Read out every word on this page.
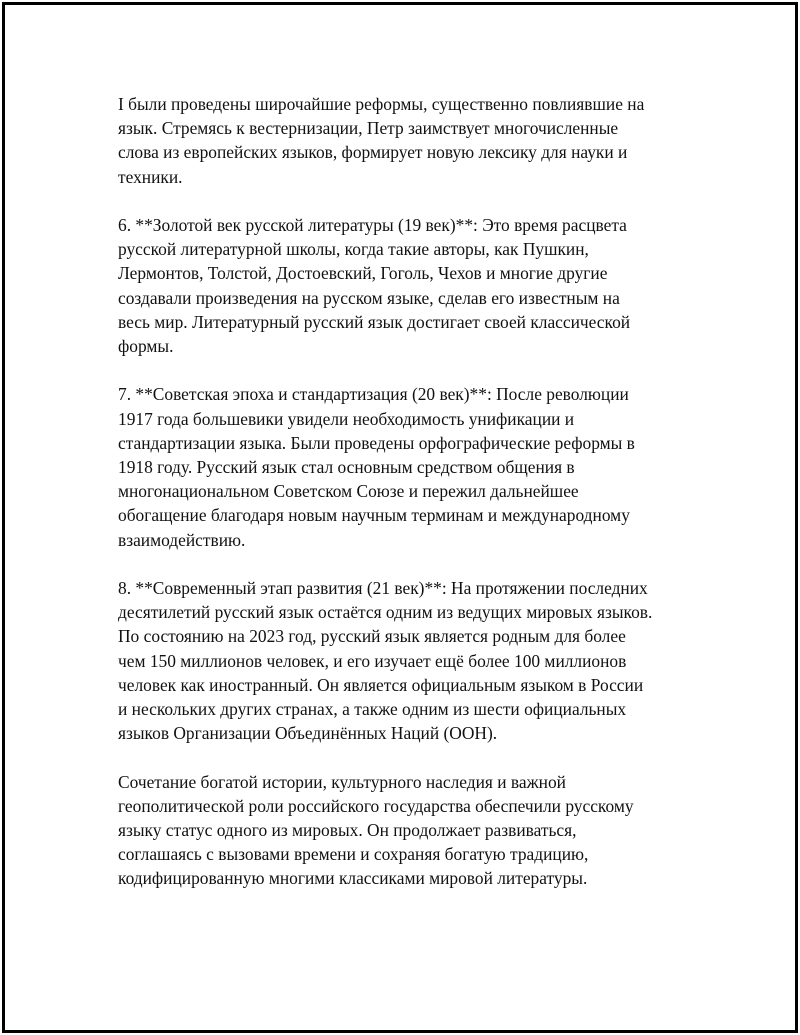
I были проведены широчайшие реформы, существенно повлиявшие на
язык. Стремясь к вестернизации, Петр заимствует многочисленные
слова из европейских языков, формирует новую лексику для науки и
техники.

6. **Золотой век русской литературы (19 век)**: Это время расцвета
русской литературной школы, когда такие авторы, как Пушкин,
Лермонтов, Толстой, Достоевский, Гоголь, Чехов и многие другие
создавали произведения на русском языке, сделав его известным на
весь мир. Литературный русский язык достигает своей классической
формы.

7. **Советская эпоха и стандартизация (20 век)**: После революции
1917 года большевики увидели необходимость унификации и
стандартизации языка. Были проведены орфографические реформы в
1918 году. Русский язык стал основным средством общения в
многонациональном Советском Союзе и пережил дальнейшее
обогащение благодаря новым научным терминам и международному
взаимодействию.

8. **Современный этап развития (21 век)**: На протяжении последних
десятилетий русский язык остаётся одним из ведущих мировых языков.
По состоянию на 2023 год, русский язык является родным для более
чем 150 миллионов человек, и его изучает ещё более 100 миллионов
человек как иностранный. Он является официальным языком в России
и нескольких других странах, а также одним из шести официальных
языков Организации Объединённых Наций (ООН).

Сочетание богатой истории, культурного наследия и важной
геополитической роли российского государства обеспечили русскому
языку статус одного из мировых. Он продолжает развиваться,
соглашаясь с вызовами времени и сохраняя богатую традицию,
кодифицированную многими классиками мировой литературы.
